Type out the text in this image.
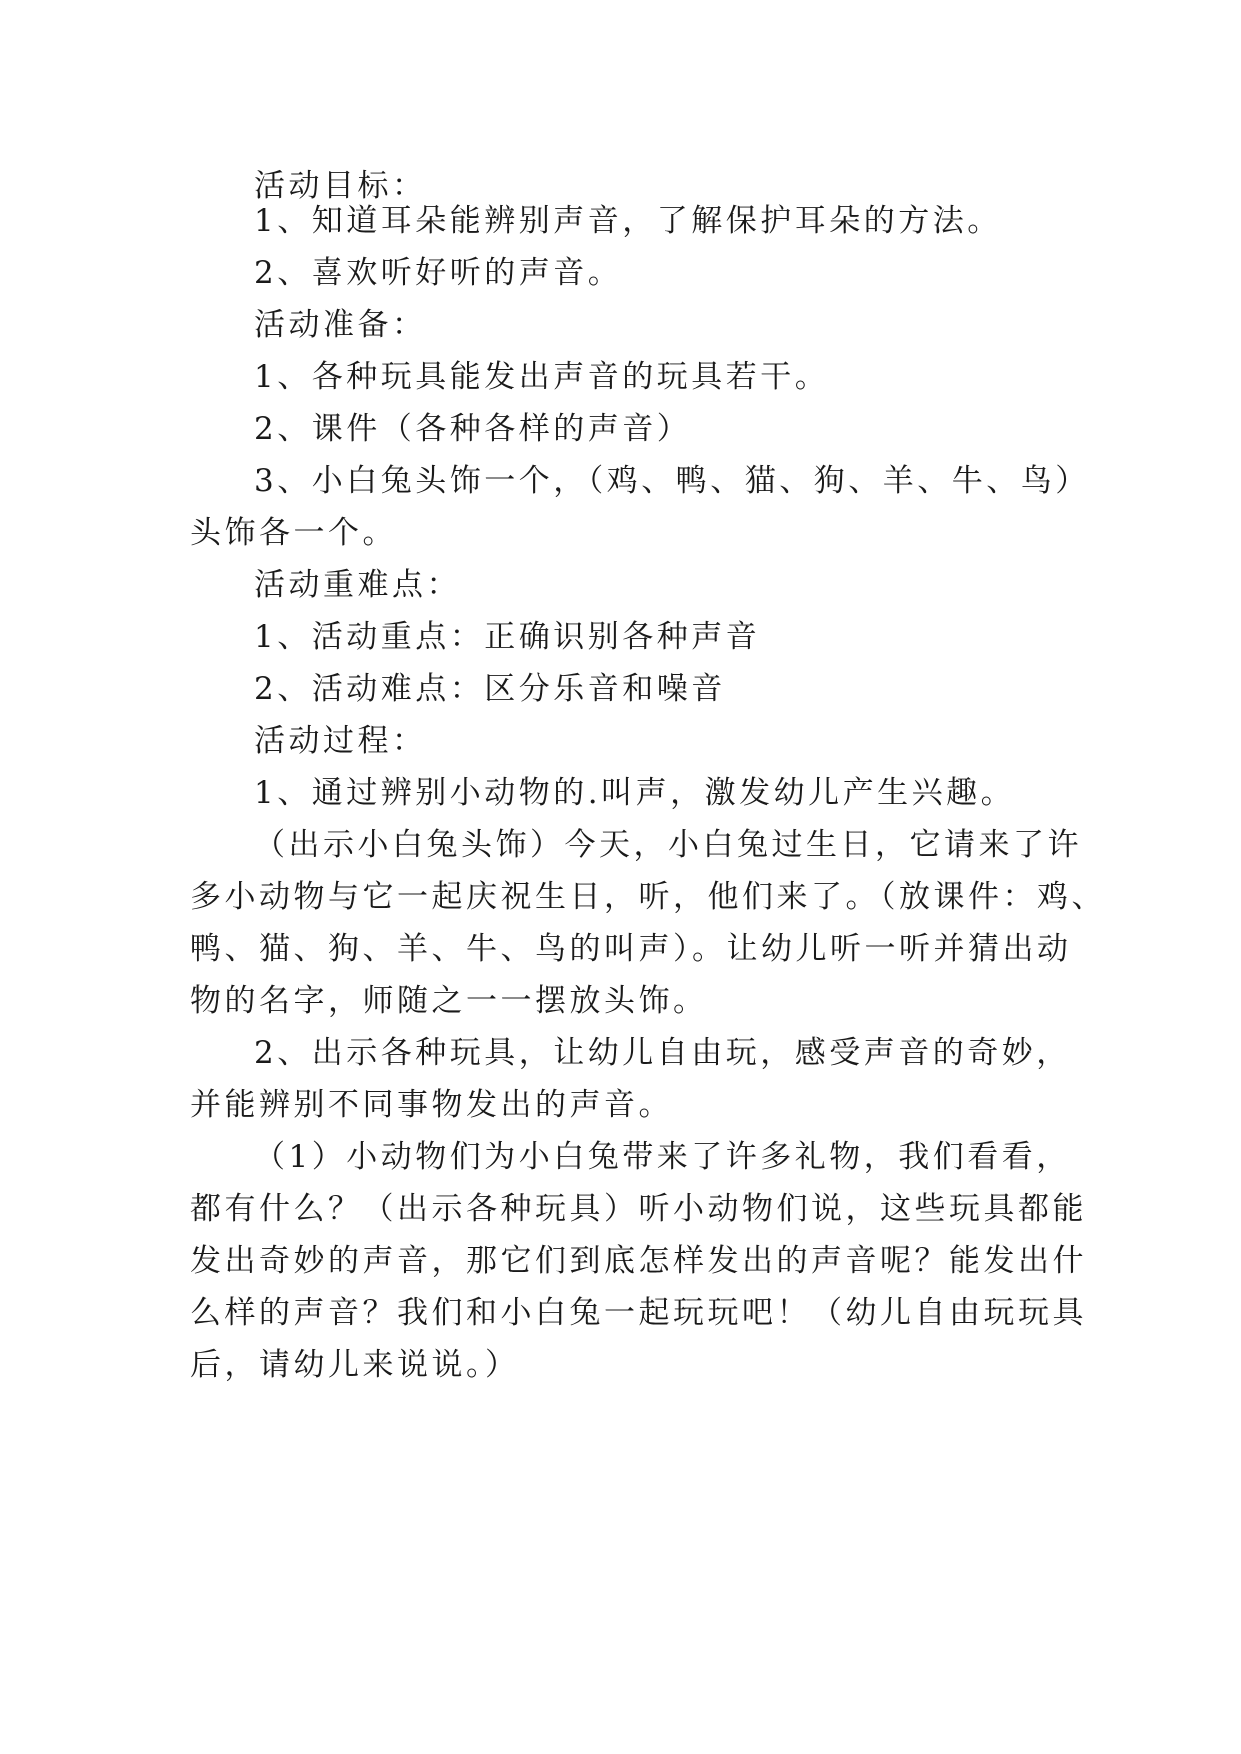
活动目标：

1、知道耳朵能辨别声音，了解保护耳朵的方法。

2、喜欢听好听的声音。

活动准备：

1、各种玩具能发出声音的玩具若干。

2、课件（各种各样的声音）

3、小白兔头饰一个，（鸡、鸭、猫、狗、羊、牛、鸟）

头饰各一个。

活动重难点：

1、活动重点：正确识别各种声音

2、活动难点：区分乐音和噪音

活动过程：

1、通过辨别小动物的.叫声，激发幼儿产生兴趣。

（出示小白兔头饰）今天，小白兔过生日，它请来了许

多小动物与它一起庆祝生日，听，他们来了。（放课件：鸡、

鸭、猫、狗、羊、牛、鸟的叫声）。让幼儿听一听并猜出动

物的名字，师随之一一摆放头饰。

2、出示各种玩具，让幼儿自由玩，感受声音的奇妙，

并能辨别不同事物发出的声音。

（1）小动物们为小白兔带来了许多礼物，我们看看，

都有什么？（出示各种玩具）听小动物们说，这些玩具都能

发出奇妙的声音，那它们到底怎样发出的声音呢？能发出什

么样的声音？我们和小白兔一起玩玩吧！（幼儿自由玩玩具

后，请幼儿来说说。）
